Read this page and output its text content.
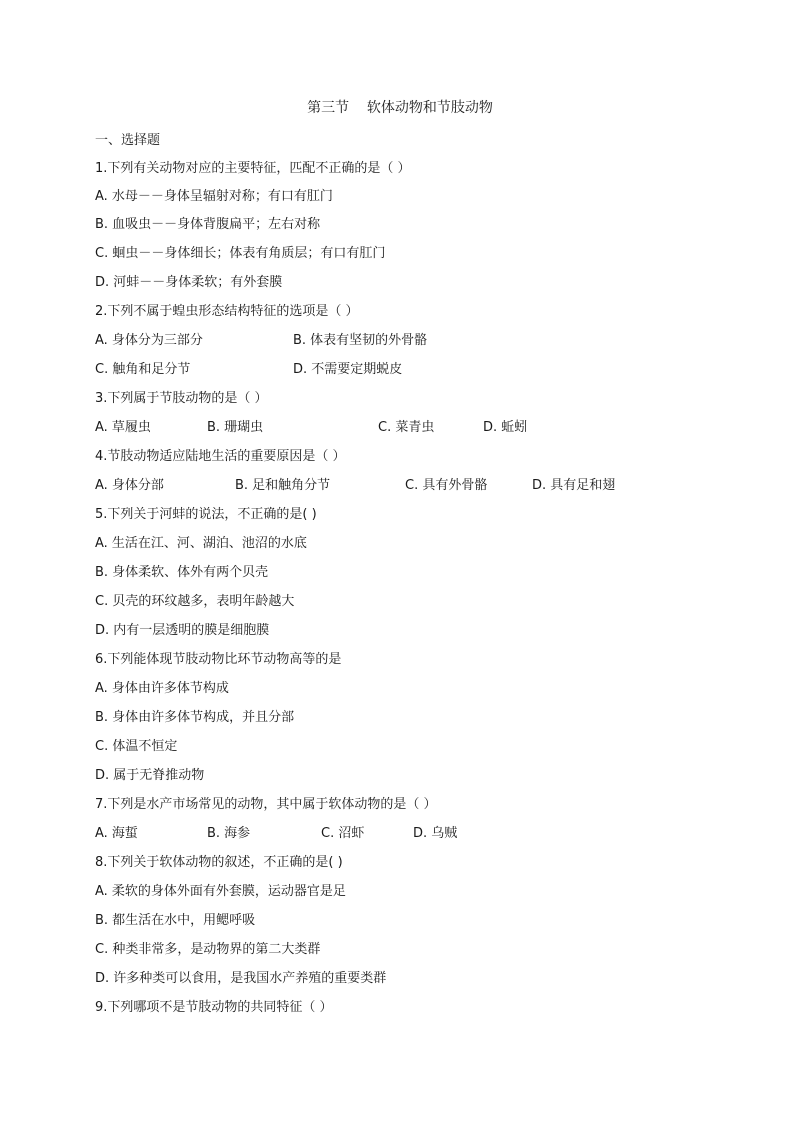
第三节    软体动物和节肢动物
一、选择题
1.下列有关动物对应的主要特征，匹配不正确的是（ ）
A. 水母－－身体呈辐射对称；有口有肛门
B. 血吸虫－－身体背腹扁平；左右对称
C. 蛔虫－－身体细长；体表有角质层；有口有肛门
D. 河蚌－－身体柔软；有外套膜
2.下列不属于蝗虫形态结构特征的选项是（ ）
A. 身体分为三部分	B. 体表有坚韧的外骨骼
C. 触角和足分节	D. 不需要定期蜕皮
3.下列属于节肢动物的是（ ）
A. 草履虫	B. 珊瑚虫	C. 菜青虫	D. 蚯蚓
4.节肢动物适应陆地生活的重要原因是（ ）
A. 身体分部	B. 足和触角分节	C. 具有外骨骼	D. 具有足和翅
5.下列关于河蚌的说法，不正确的是( )
A. 生活在江、河、湖泊、池沼的水底
B. 身体柔软、体外有两个贝壳
C. 贝壳的环纹越多，表明年龄越大
D. 内有一层透明的膜是细胞膜
6.下列能体现节肢动物比环节动物高等的是
A. 身体由许多体节构成
B. 身体由许多体节构成，并且分部
C. 体温不恒定
D. 属于无脊推动物
7.下列是水产市场常见的动物，其中属于软体动物的是（ ）
A. 海蜇	B. 海参	C. 沼虾	D. 乌贼
8.下列关于软体动物的叙述，不正确的是( )
A. 柔软的身体外面有外套膜，运动器官是足
B. 都生活在水中，用鳃呼吸
C. 种类非常多，是动物界的第二大类群
D. 许多种类可以食用，是我国水产养殖的重要类群
9.下列哪项不是节肢动物的共同特征（ ）
